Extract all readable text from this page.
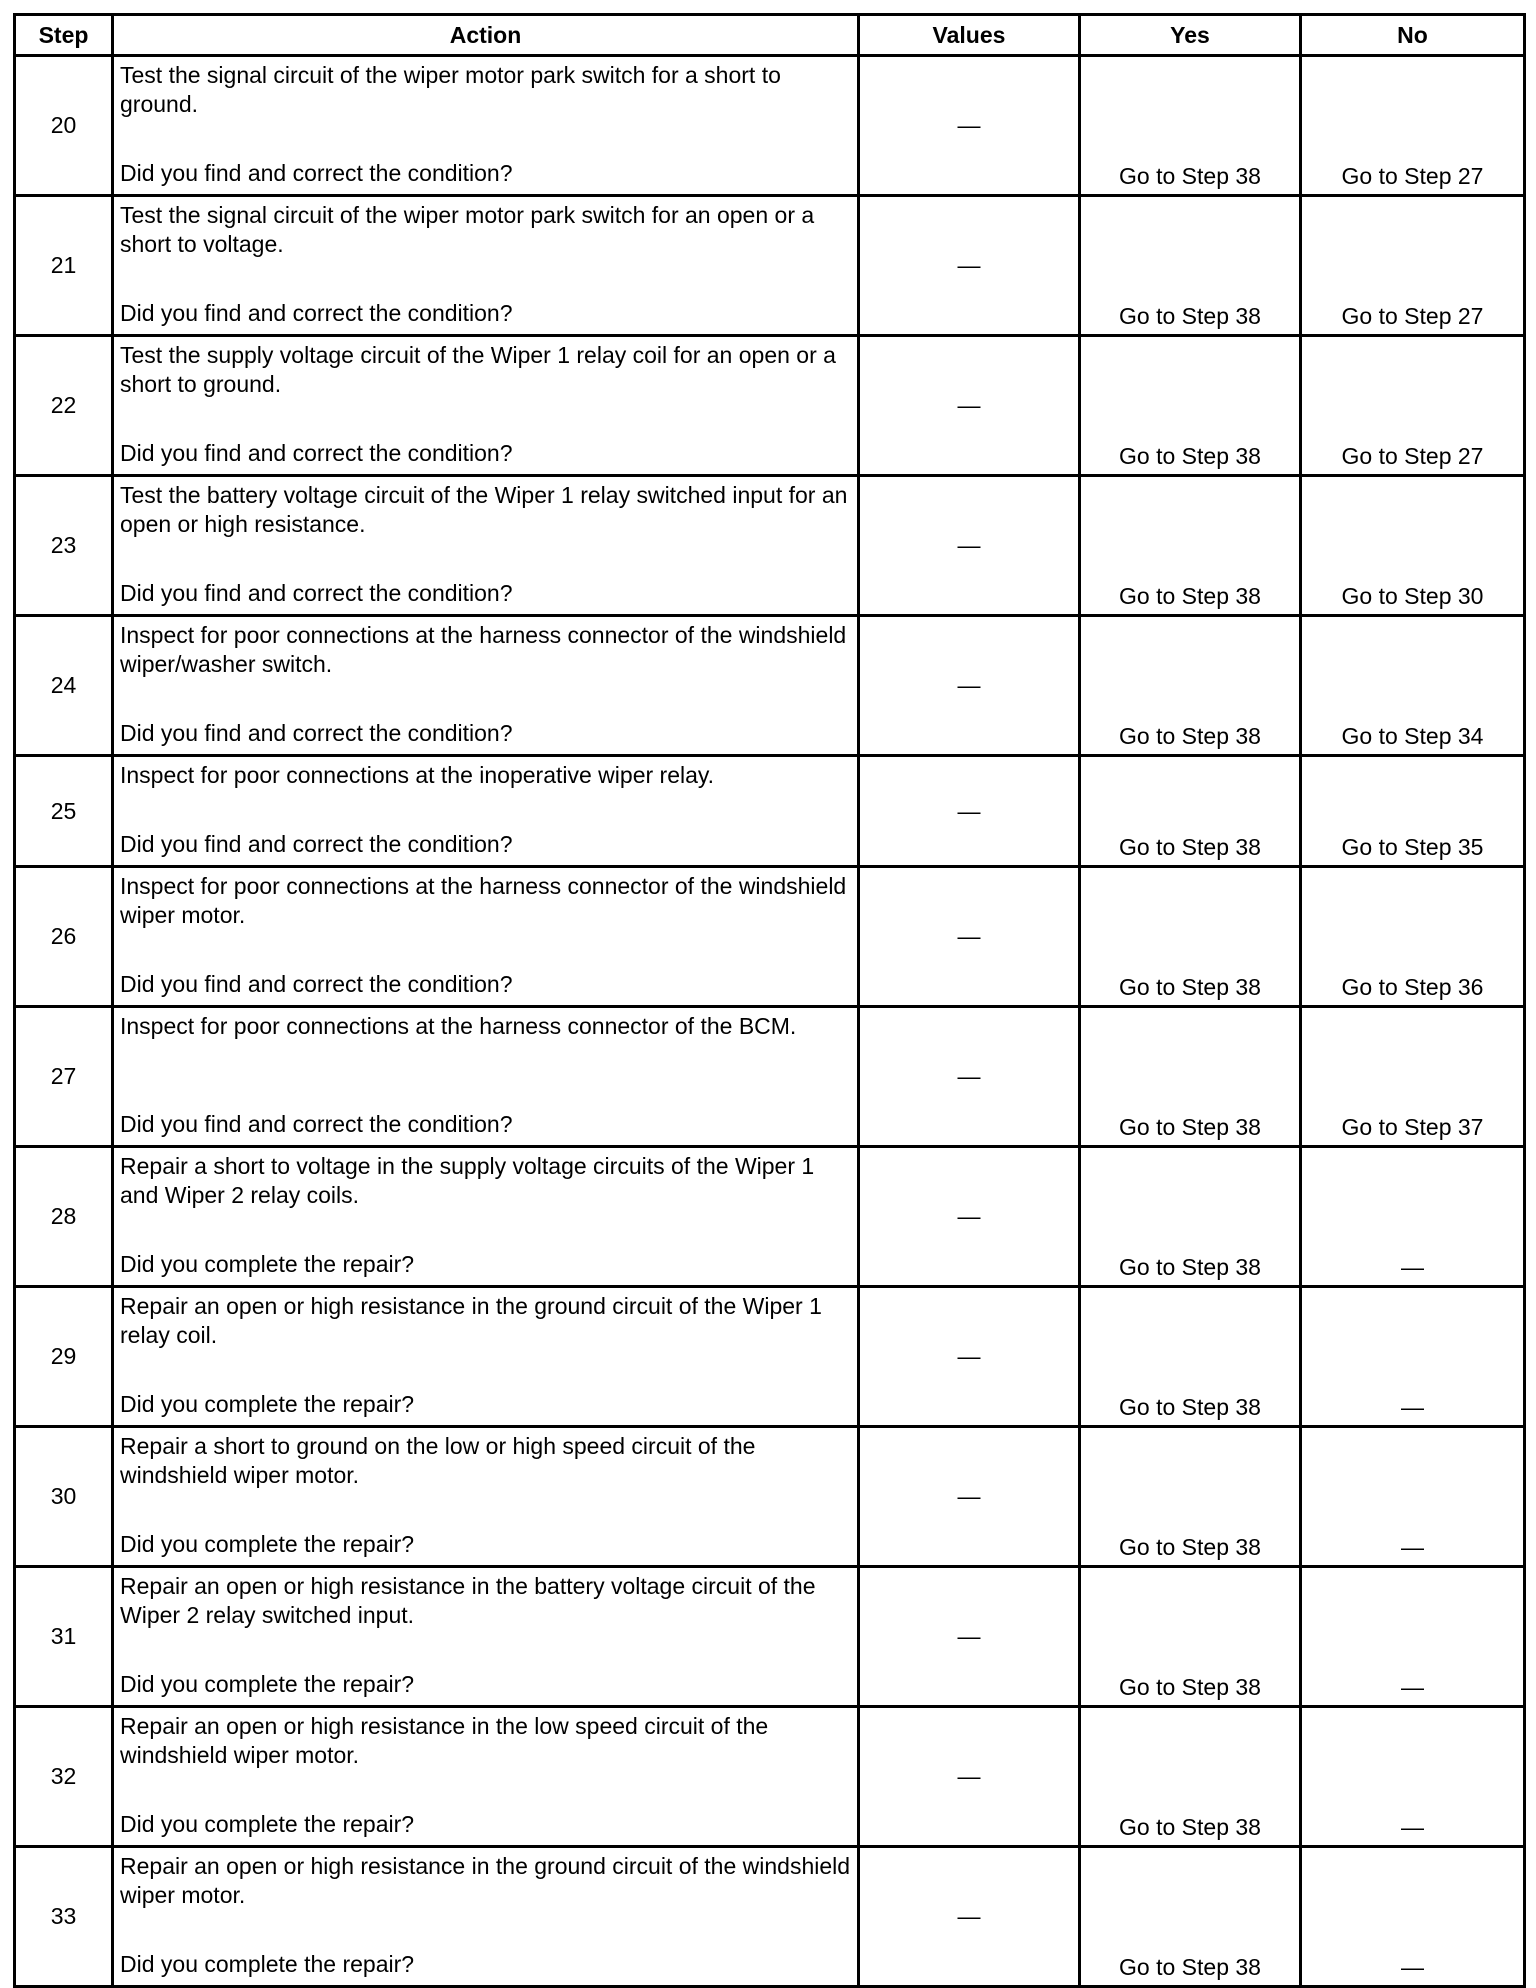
Step	Action	Values	Yes	No
20	Test the signal circuit of the wiper motor park switch for a short to ground.
Did you find and correct the condition?	—	Go to Step 38	Go to Step 27
21	Test the signal circuit of the wiper motor park switch for an open or a short to voltage.
Did you find and correct the condition?	—	Go to Step 38	Go to Step 27
22	Test the supply voltage circuit of the Wiper 1 relay coil for an open or a short to ground.
Did you find and correct the condition?	—	Go to Step 38	Go to Step 27
23	Test the battery voltage circuit of the Wiper 1 relay switched input for an open or high resistance.
Did you find and correct the condition?	—	Go to Step 38	Go to Step 30
24	Inspect for poor connections at the harness connector of the windshield wiper/washer switch.
Did you find and correct the condition?	—	Go to Step 38	Go to Step 34
25	Inspect for poor connections at the inoperative wiper relay.
Did you find and correct the condition?	—	Go to Step 38	Go to Step 35
26	Inspect for poor connections at the harness connector of the windshield wiper motor.
Did you find and correct the condition?	—	Go to Step 38	Go to Step 36
27	Inspect for poor connections at the harness connector of the BCM.
Did you find and correct the condition?	—	Go to Step 38	Go to Step 37
28	Repair a short to voltage in the supply voltage circuits of the Wiper 1 and Wiper 2 relay coils.
Did you complete the repair?	—	Go to Step 38	—
29	Repair an open or high resistance in the ground circuit of the Wiper 1 relay coil.
Did you complete the repair?	—	Go to Step 38	—
30	Repair a short to ground on the low or high speed circuit of the windshield wiper motor.
Did you complete the repair?	—	Go to Step 38	—
31	Repair an open or high resistance in the battery voltage circuit of the Wiper 2 relay switched input.
Did you complete the repair?	—	Go to Step 38	—
32	Repair an open or high resistance in the low speed circuit of the windshield wiper motor.
Did you complete the repair?	—	Go to Step 38	—
33	Repair an open or high resistance in the ground circuit of the windshield wiper motor.
Did you complete the repair?	—	Go to Step 38	—
